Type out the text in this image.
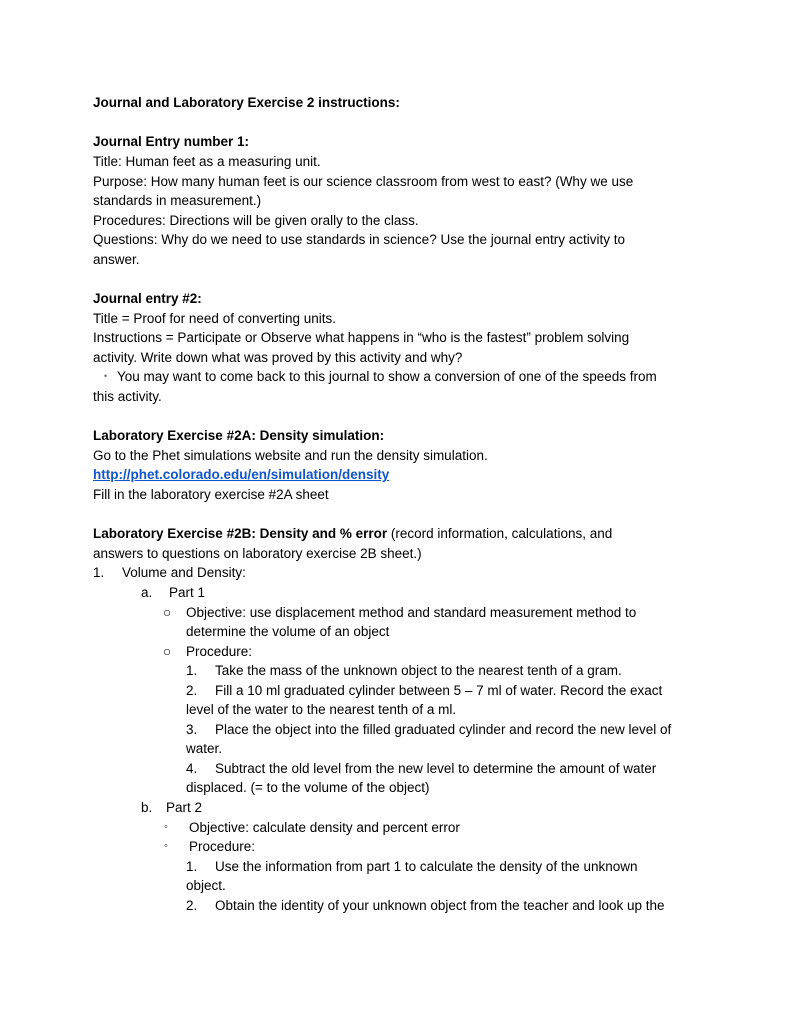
Journal and Laboratory Exercise 2 instructions:
Journal Entry number 1:
Title: Human feet as a measuring unit.
Purpose: How many human feet is our science classroom from west to east? (Why we use
standards in measurement.)
Procedures: Directions will be given orally to the class.
Questions: Why do we need to use standards in science? Use the journal entry activity to
answer.
Journal entry #2:
Title = Proof for need of converting units.
Instructions = Participate or Observe what happens in “who is the fastest” problem solving
activity. Write down what was proved by this activity and why?
• You may want to come back to this journal to show a conversion of one of the speeds from
this activity.
Laboratory Exercise #2A: Density simulation:
Go to the Phet simulations website and run the density simulation.
http://phet.colorado.edu/en/simulation/density
Fill in the laboratory exercise #2A sheet
Laboratory Exercise #2B: Density and % error (record information, calculations, and
answers to questions on laboratory exercise 2B sheet.)
1. Volume and Density:
a. Part 1
○ Objective: use displacement method and standard measurement method to
determine the volume of an object
○ Procedure:
1. Take the mass of the unknown object to the nearest tenth of a gram.
2. Fill a 10 ml graduated cylinder between 5 – 7 ml of water. Record the exact
level of the water to the nearest tenth of a ml.
3. Place the object into the filled graduated cylinder and record the new level of
water.
4. Subtract the old level from the new level to determine the amount of water
displaced. (= to the volume of the object)
b. Part 2
◦ Objective: calculate density and percent error
◦ Procedure:
1. Use the information from part 1 to calculate the density of the unknown
object.
2. Obtain the identity of your unknown object from the teacher and look up the
